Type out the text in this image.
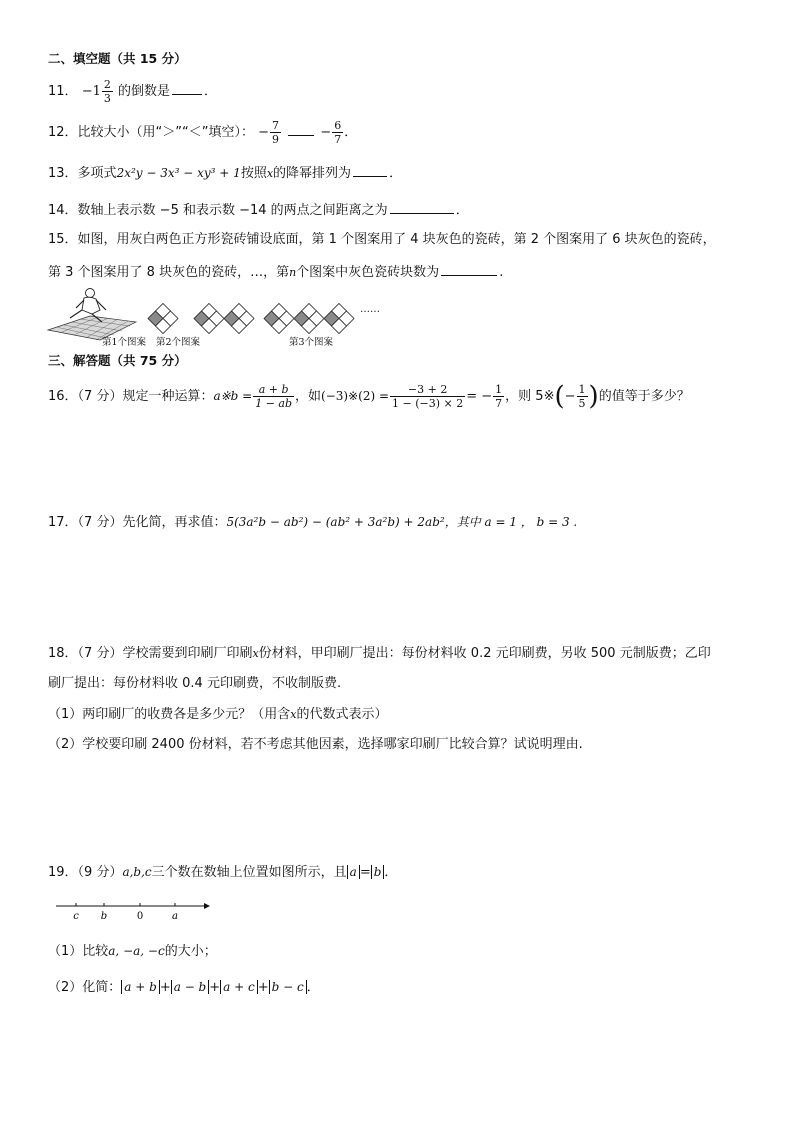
二、填空题（共 15 分）
11． $-1 \frac{2}{3}$ 的倒数是	．
12．比较大小（用“＞”“＜”填空）： − $\frac{7}{9}$	− $\frac{6}{7}$ ．
13．多项式2x²y − 3x³ − xy³ + 1按照x的降幂排列为	．
14．数轴上表示数 −5 和表示数 −14 的两点之间距离之为	．
15．如图，用灰白两色正方形瓷砖铺设底面，第 1 个图案用了 4 块灰色的瓷砖，第 2 个图案用了 6 块灰色的瓷砖，
第 3 个图案用了 8 块灰色的瓷砖，…，第n个图案中灰色瓷砖块数为	.
第1个图案 第2个图案	第3个图案
……
三、解答题（共 75 分）
16．（7 分）规定一种运算：a※b = $\frac{a + b}{1 - ab}$ ，如(−3)※(2) = $\frac{-3 + 2}{1 - (-3) \times 2}$ = − $\frac{1}{7}$ ，则 5※(− $\frac{1}{5}$ )的值等于多少？
17．（7 分）先化简，再求值：5(3a²b − ab²) − (ab² + 3a²b) + 2ab²，其中 a = 1 ， b = 3 .
18．（7 分）学校需要到印刷厂印刷x份材料，甲印刷厂提出：每份材料收 0.2 元印刷费，另收 500 元制版费；乙印
刷厂提出：每份材料收 0.4 元印刷费，不收制版费.
（1）两印刷厂的收费各是多少元？（用含x的代数式表示）
（2）学校要印刷 2400 份材料，若不考虑其他因素，选择哪家印刷厂比较合算？试说明理由.
19．（9 分）a,b,c三个数在数轴上位置如图所示，且 a = b ．
c b	0	a
（1）比较a, −a, −c的大小；
（2）化简： a + b + a − b + a + c + b − c ．
